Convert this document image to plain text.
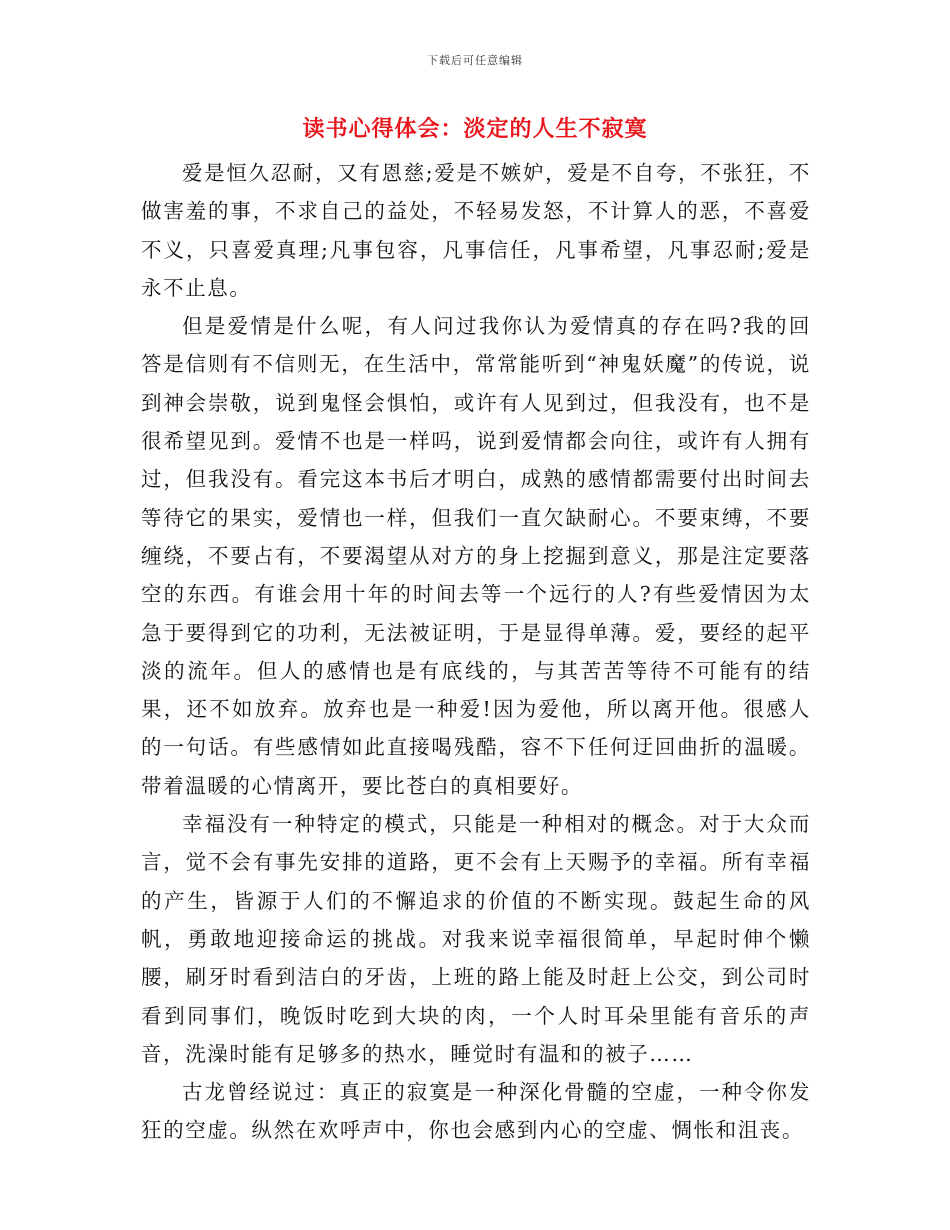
下载后可任意编辑
读书心得体会：淡定的人生不寂寞

爱是恒久忍耐，又有恩慈;爱是不嫉妒，爱是不自夸，不张狂，不做害羞的事，不求自己的益处，不轻易发怒，不计算人的恶，不喜爱不义，只喜爱真理;凡事包容，凡事信任，凡事希望，凡事忍耐;爱是永不止息。

但是爱情是什么呢，有人问过我你认为爱情真的存在吗?我的回答是信则有不信则无，在生活中，常常能听到“神鬼妖魔”的传说，说到神会崇敬，说到鬼怪会惧怕，或许有人见到过，但我没有，也不是很希望见到。爱情不也是一样吗，说到爱情都会向往，或许有人拥有过，但我没有。看完这本书后才明白，成熟的感情都需要付出时间去等待它的果实，爱情也一样，但我们一直欠缺耐心。不要束缚，不要缠绕，不要占有，不要渴望从对方的身上挖掘到意义，那是注定要落空的东西。有谁会用十年的时间去等一个远行的人?有些爱情因为太急于要得到它的功利，无法被证明，于是显得单薄。爱，要经的起平淡的流年。但人的感情也是有底线的，与其苦苦等待不可能有的结果，还不如放弃。放弃也是一种爱!因为爱他，所以离开他。很感人的一句话。有些感情如此直接喝残酷，容不下任何迂回曲折的温暖。带着温暖的心情离开，要比苍白的真相要好。

幸福没有一种特定的模式，只能是一种相对的概念。对于大众而言，觉不会有事先安排的道路，更不会有上天赐予的幸福。所有幸福的产生，皆源于人们的不懈追求的价值的不断实现。鼓起生命的风帆，勇敢地迎接命运的挑战。对我来说幸福很简单，早起时伸个懒腰，刷牙时看到洁白的牙齿，上班的路上能及时赶上公交，到公司时看到同事们，晚饭时吃到大块的肉，一个人时耳朵里能有音乐的声音，洗澡时能有足够多的热水，睡觉时有温和的被子……

古龙曾经说过：真正的寂寞是一种深化骨髓的空虚，一种令你发狂的空虚。纵然在欢呼声中，你也会感到内心的空虚、惆怅和沮丧。
